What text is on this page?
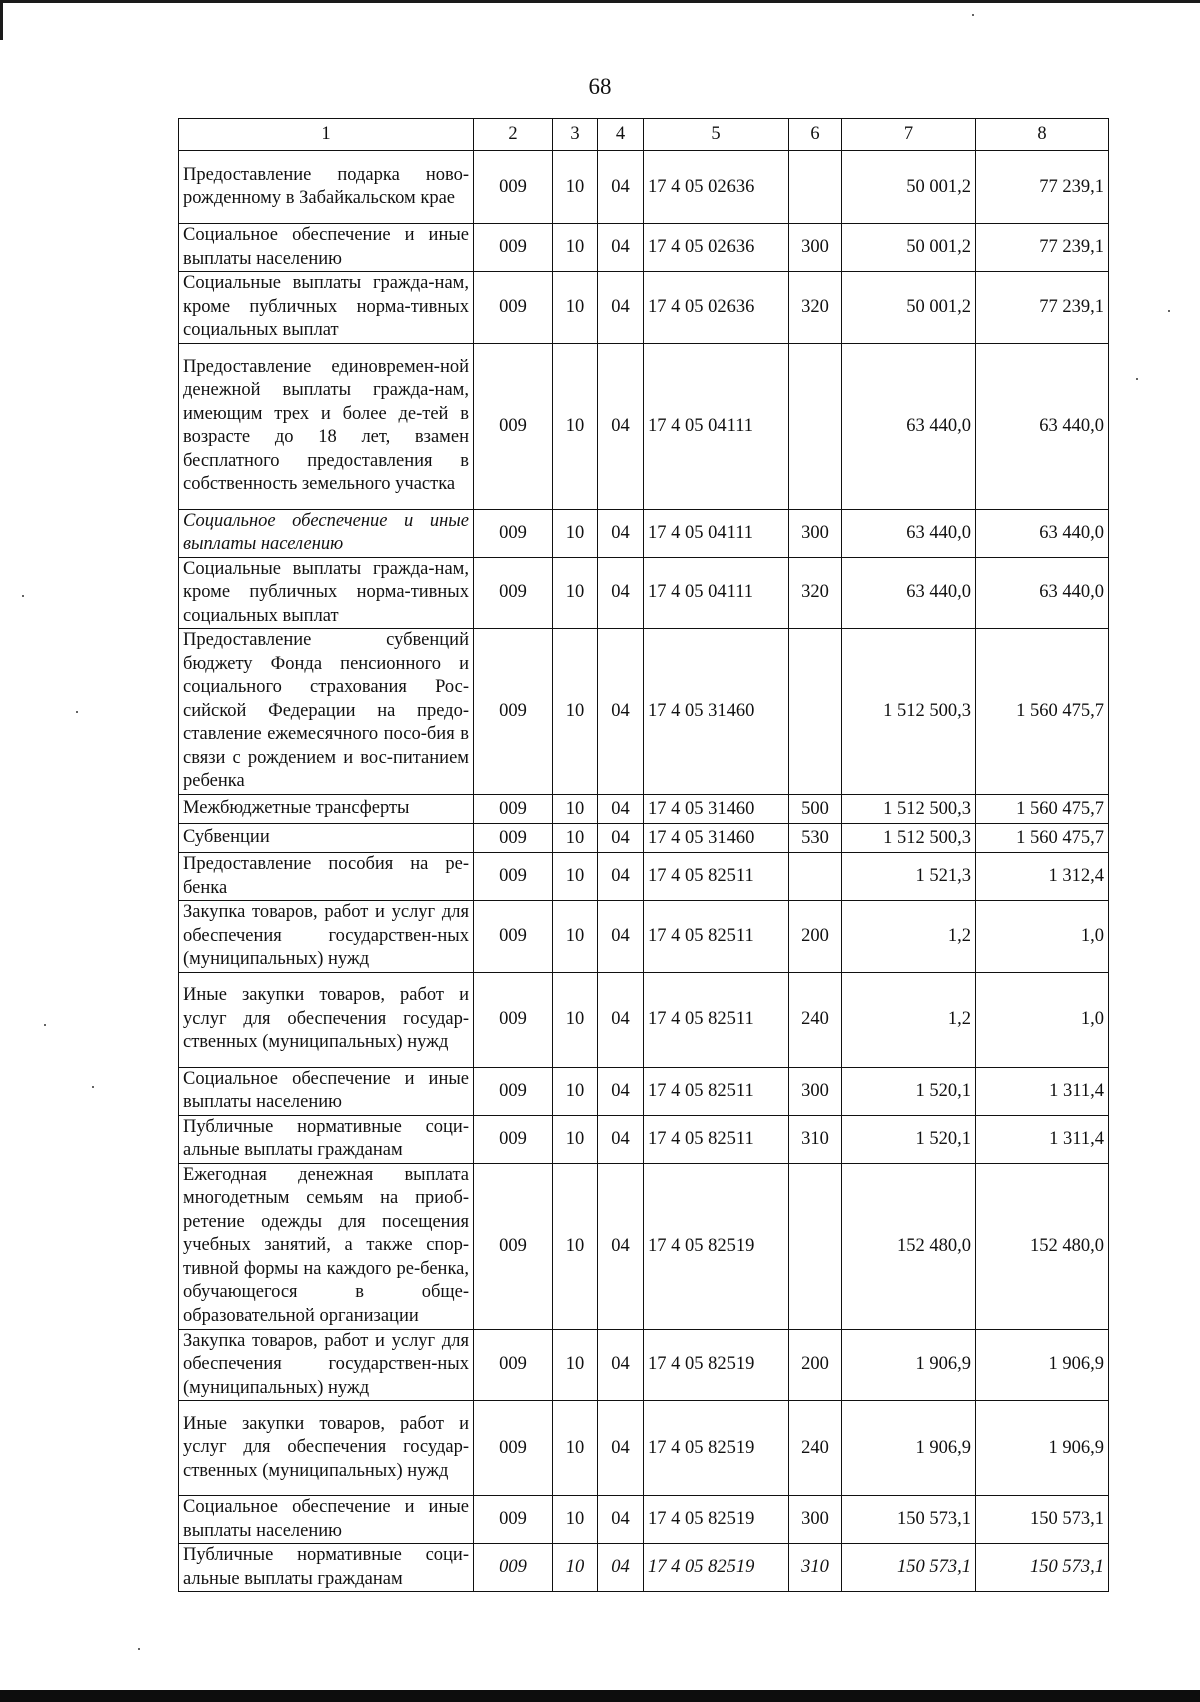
68
1	2	3	4	5	6	7	8
Предоставление подарка ново-рожденному в Забайкальском крае	009	10	04	17 4 05 02636		50 001,2	77 239,1
Социальное обеспечение и иные выплаты населению	009	10	04	17 4 05 02636	300	50 001,2	77 239,1
Социальные выплаты гражда-нам, кроме публичных норма-тивных социальных выплат	009	10	04	17 4 05 02636	320	50 001,2	77 239,1
Предоставление единовремен-ной денежной выплаты гражда-нам, имеющим трех и более де-тей в возрасте до 18 лет, взамен бесплатного предоставления в собственность земельного участка	009	10	04	17 4 05 04111		63 440,0	63 440,0
Социальное обеспечение и иные выплаты населению	009	10	04	17 4 05 04111	300	63 440,0	63 440,0
Социальные выплаты гражда-нам, кроме публичных норма-тивных социальных выплат	009	10	04	17 4 05 04111	320	63 440,0	63 440,0
Предоставление субвенций бюджету Фонда пенсионного и социального страхования Рос-сийской Федерации на предо-ставление ежемесячного посо-бия в связи с рождением и вос-питанием ребенка	009	10	04	17 4 05 31460		1 512 500,3	1 560 475,7
Межбюджетные трансферты	009	10	04	17 4 05 31460	500	1 512 500,3	1 560 475,7
Субвенции	009	10	04	17 4 05 31460	530	1 512 500,3	1 560 475,7
Предоставление пособия на ре-бенка	009	10	04	17 4 05 82511		1 521,3	1 312,4
Закупка товаров, работ и услуг для обеспечения государствен-ных (муниципальных) нужд	009	10	04	17 4 05 82511	200	1,2	1,0
Иные закупки товаров, работ и услуг для обеспечения государ-ственных (муниципальных) нужд	009	10	04	17 4 05 82511	240	1,2	1,0
Социальное обеспечение и иные выплаты населению	009	10	04	17 4 05 82511	300	1 520,1	1 311,4
Публичные нормативные соци-альные выплаты гражданам	009	10	04	17 4 05 82511	310	1 520,1	1 311,4
Ежегодная денежная выплата многодетным семьям на приоб-ретение одежды для посещения учебных занятий, а также спор-тивной формы на каждого ре-бенка, обучающегося в обще-образовательной организации	009	10	04	17 4 05 82519		152 480,0	152 480,0
Закупка товаров, работ и услуг для обеспечения государствен-ных (муниципальных) нужд	009	10	04	17 4 05 82519	200	1 906,9	1 906,9
Иные закупки товаров, работ и услуг для обеспечения государ-ственных (муниципальных) нужд	009	10	04	17 4 05 82519	240	1 906,9	1 906,9
Социальное обеспечение и иные выплаты населению	009	10	04	17 4 05 82519	300	150 573,1	150 573,1
Публичные нормативные соци-альные выплаты гражданам	009	10	04	17 4 05 82519	310	150 573,1	150 573,1
